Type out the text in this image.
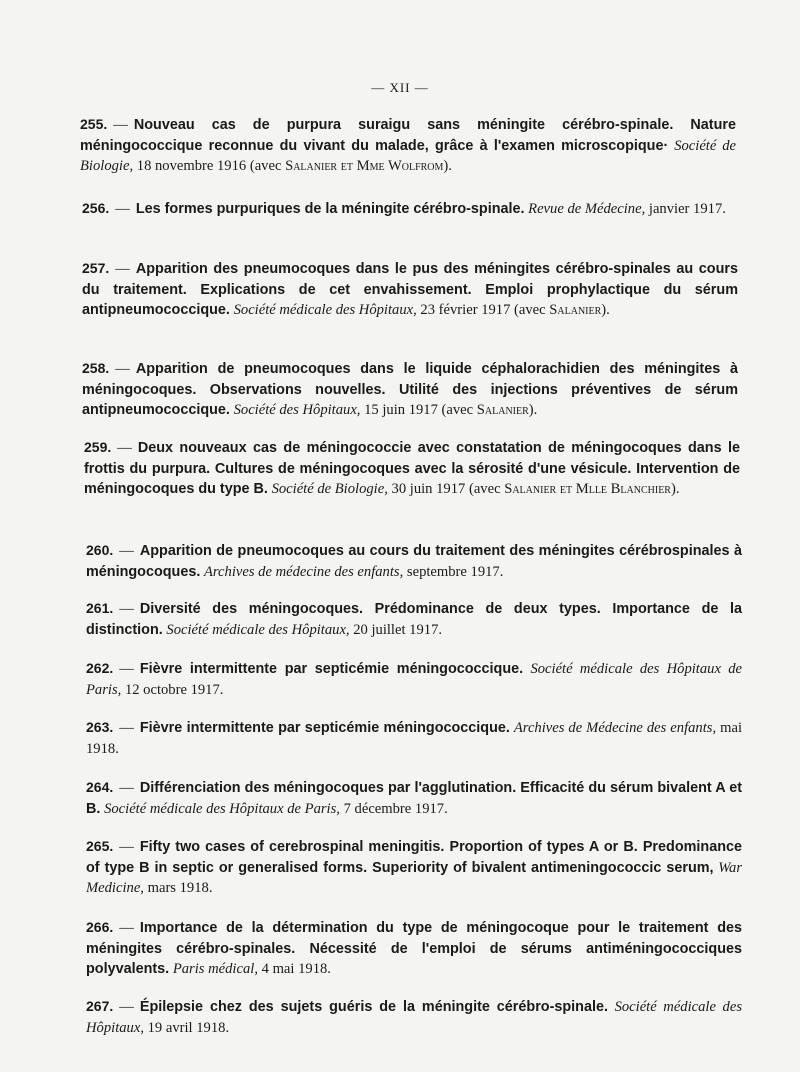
— XII —
255. — Nouveau cas de purpura suraigu sans méningite cérébro-spinale. Nature méningococcique reconnue du vivant du malade, grâce à l'examen microscopique· Société de Biologie, 18 novembre 1916 (avec Salanier et Mme Wolfrom).
256. — Les formes purpuriques de la méningite cérébro-spinale. Revue de Médecine, janvier 1917.
257. — Apparition des pneumocoques dans le pus des méningites cérébro-spinales au cours du traitement. Explications de cet envahissement. Emploi prophylactique du sérum antipneumococcique. Société médicale des Hôpitaux, 23 février 1917 (avec Salanier).
258. — Apparition de pneumocoques dans le liquide céphalorachidien des méningites à méningocoques. Observations nouvelles. Utilité des injections préventives de sérum antipneumococcique. Société des Hôpitaux, 15 juin 1917 (avec Salanier).
259. — Deux nouveaux cas de méningococcie avec constatation de méningocoques dans le frottis du purpura. Cultures de méningocoques avec la sérosité d'une vésicule. Intervention de méningocoques du type B. Société de Biologie, 30 juin 1917 (avec Salanier et Mlle Blanchier).
260. — Apparition de pneumocoques au cours du traitement des méningites cérébrospinales à méningocoques. Archives de médecine des enfants, septembre 1917.
261. — Diversité des méningocoques. Prédominance de deux types. Importance de la distinction. Société médicale des Hôpitaux, 20 juillet 1917.
262. — Fièvre intermittente par septicémie méningococcique. Société médicale des Hôpitaux de Paris, 12 octobre 1917.
263. — Fièvre intermittente par septicémie méningococcique. Archives de Médecine des enfants, mai 1918.
264. — Différenciation des méningocoques par l'agglutination. Efficacité du sérum bivalent A et B. Société médicale des Hôpitaux de Paris, 7 décembre 1917.
265. — Fifty two cases of cerebrospinal meningitis. Proportion of types A or B. Predominance of type B in septic or generalised forms. Superiority of bivalent antimeningococcic serum, War Medicine, mars 1918.
266. — Importance de la détermination du type de méningocoque pour le traitement des méningites cérébro-spinales. Nécessité de l'emploi de sérums antiméningococciques polyvalents. Paris médical, 4 mai 1918.
267. — Épilepsie chez des sujets guéris de la méningite cérébro-spinale. Société médicale des Hôpitaux, 19 avril 1918.
